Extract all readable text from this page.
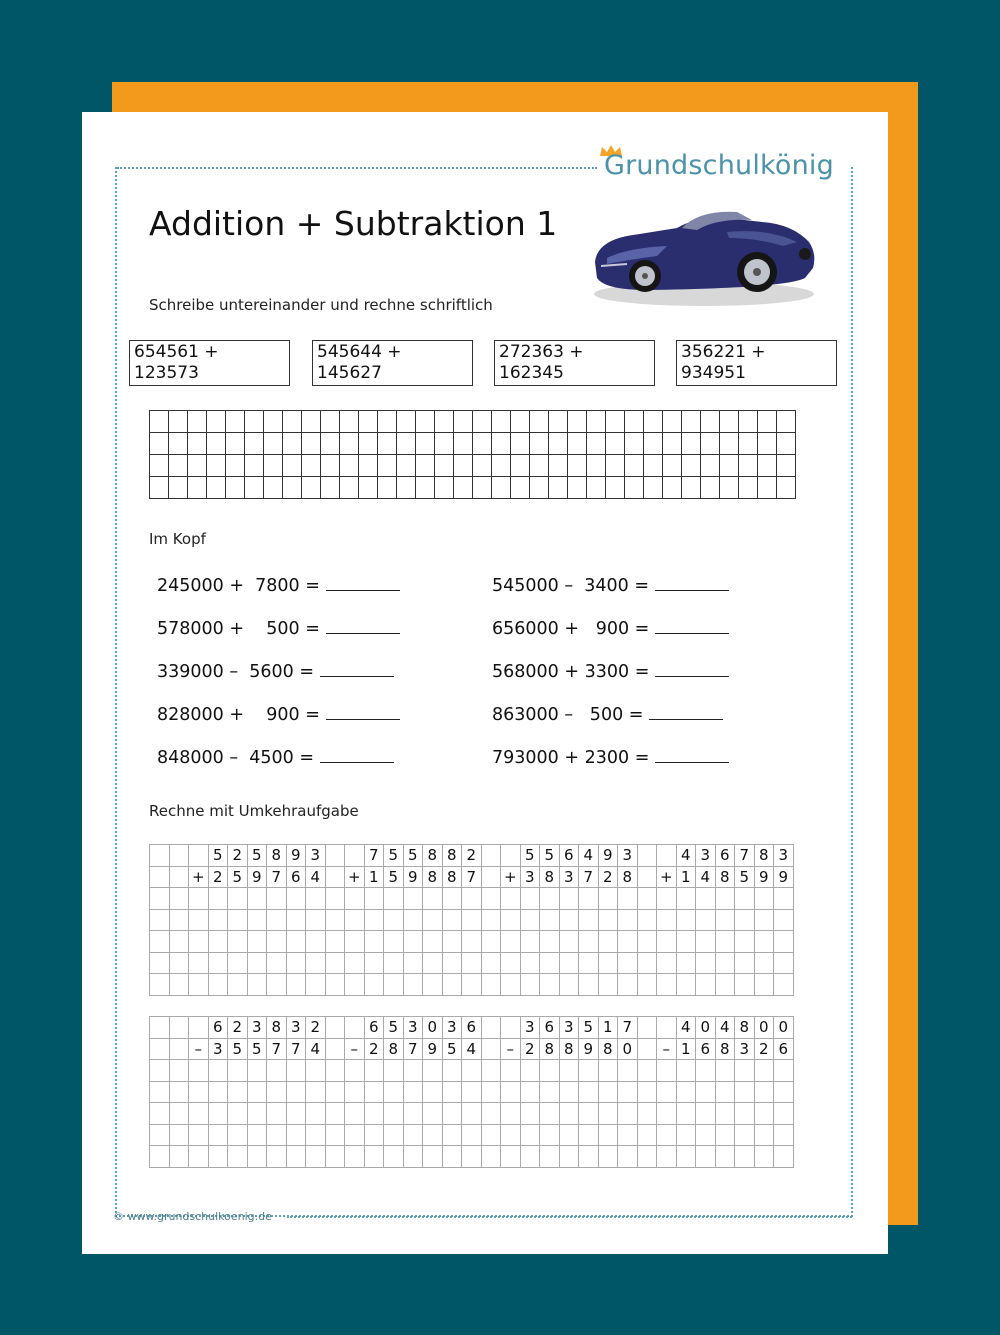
Grundschulkönig
Addition + Subtraktion 1
Schreibe untereinander und rechne schriftlich
654561 +
123573
545644 +
145627
272363 +
162345
356221 +
934951

Im Kopf
245000 +  7800 =
578000 +    500 =
339000 –  5600 =
828000 +    900 =
848000 –  4500 =
545000 –  3400 =
656000 +   900 =
568000 + 3300 =
863000 –   500 =
793000 + 2300 =
Rechne mit Umkehraufgabe
			5	2	5	8	9	3			7	5	5	8	8	2			5	5	6	4	9	3			4	3	6	7	8	3
		+	2	5	9	7	6	4		+	1	5	9	8	8	7		+	3	8	3	7	2	8		+	1	4	8	5	9	9

			6	2	3	8	3	2			6	5	3	0	3	6			3	6	3	5	1	7			4	0	4	8	0	0
		–	3	5	5	7	7	4		–	2	8	7	9	5	4		–	2	8	8	9	8	0		–	1	6	8	3	2	6

© www.grundschulkoenig.de
